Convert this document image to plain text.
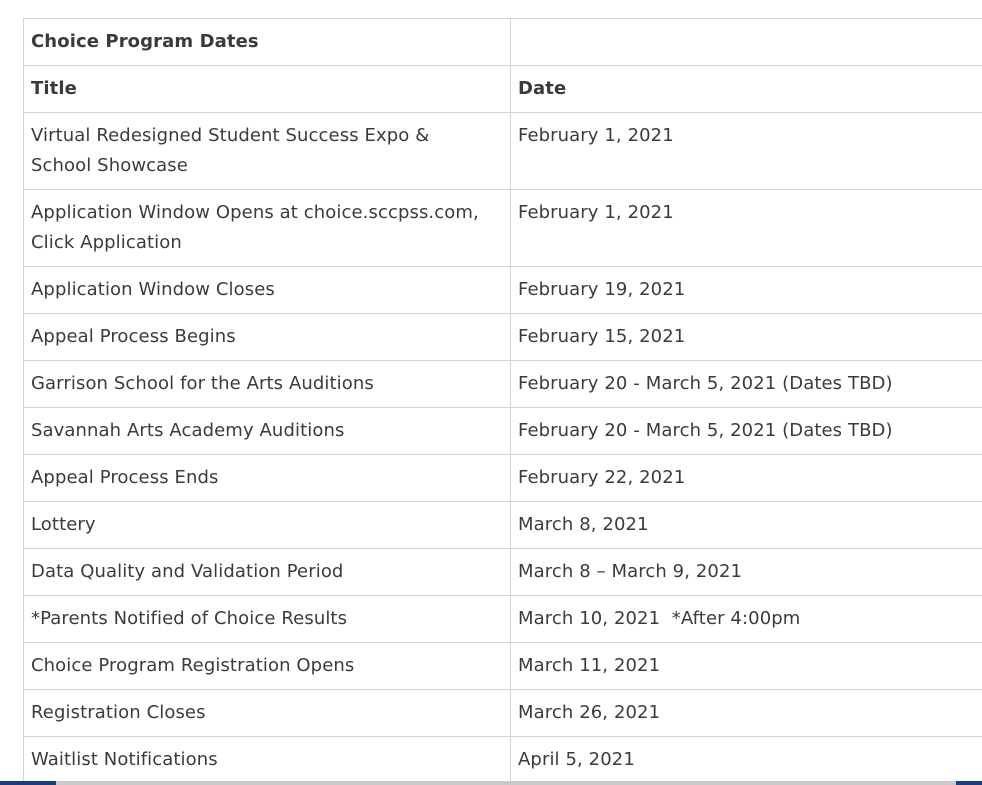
Choice Program Dates	
Title	Date
Virtual Redesigned Student Success Expo & School Showcase	February 1, 2021
Application Window Opens at choice.sccpss.com, Click Application	February 1, 2021
Application Window Closes	February 19, 2021
Appeal Process Begins	February 15, 2021
Garrison School for the Arts Auditions	February 20 - March 5, 2021 (Dates TBD)
Savannah Arts Academy Auditions	February 20 - March 5, 2021 (Dates TBD)
Appeal Process Ends	February 22, 2021
Lottery	March 8, 2021
Data Quality and Validation Period	March 8 – March 9, 2021
*Parents Notified of Choice Results	March 10, 2021  *After 4:00pm
Choice Program Registration Opens	March 11, 2021
Registration Closes	March 26, 2021
Waitlist Notifications	April 5, 2021
